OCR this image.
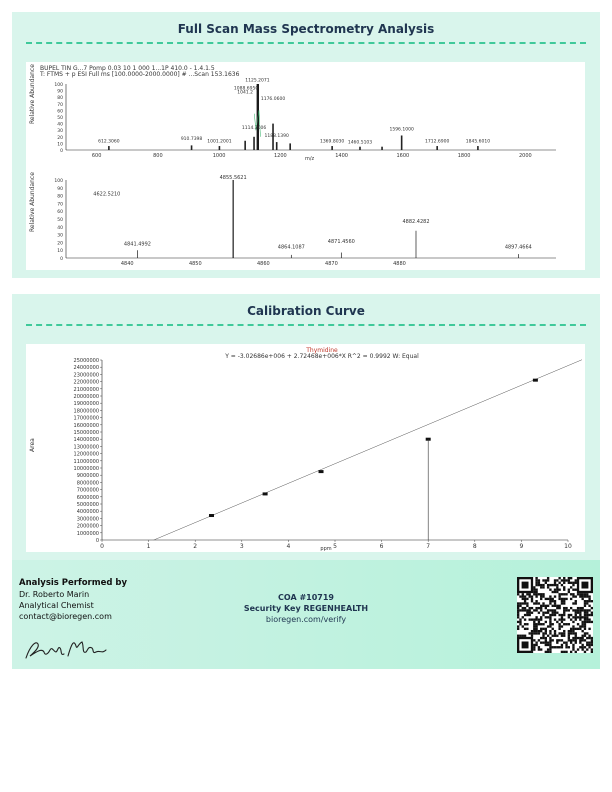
Full Scan Mass Spectrometry Analysis
BUPEL TIN G...7 Pomp 0.03 10 1 000 1...1P 410.0 - 1.4.1.5
T: FTMS + p ESI Full ms [100.0000-2000.0000] # ...Scan 153.1636
Relative Abundance
Relative Abundance
m/z
100
90
80
70
60
50
40
30
20
10
0
600	800	1000	1200	1400	1600	1800	2000
1125.2071
1088.6950
1041.2
1176.0600
612.3060
910.7398
1001.2001
1114.3006
1188.1390
1369.8030 1460.5103
1596.1000
1712.6900	1845.6010
100
90
80
70
60
50
40
30
20
10
0
4840	4850	4860	4870	4880
4855.5621
4622.5210
4882.4282
4841.4992	4871.4560
4864.1087	4897.4664
Calibration Curve
Thymidine
Y = -3.02686e+006 + 2.72468e+006*X R^2 = 0.9992 W: Equal
Area
ppm
25000000
24000000
23000000
22000000
21000000
20000000
19000000
18000000
17000000
16000000
15000000
14000000
13000000
12000000
11000000
10000000
9000000
8000000
7000000
6000000
5000000
4000000
3000000
2000000
1000000
0
0	1	2	3	4	5	6	7	8	9	10
Analysis Performed by
Dr. Roberto Marin
Analytical Chemist
contact@bioregen.com
COA #10719
Security Key REGENHEALTH
bioregen.com/verify
